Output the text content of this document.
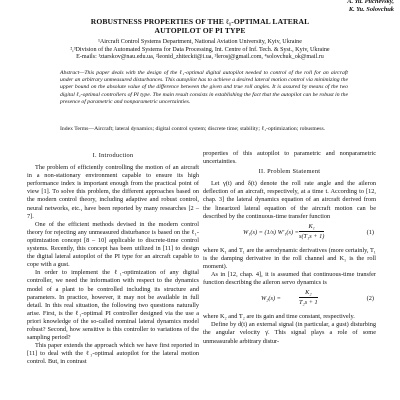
A. Yu. Pilchevsky,
K. Yu. Solovchuk
ROBUSTNESS PROPERTIES OF THE ℓ₁-OPTIMAL LATERAL
AUTOPILOT OF PI TYPE
¹Aircraft Control Systems Department, National Aviation University, Kyiv, Ukraine
²,³Division of the Automated Systems for Data Processing, Int. Centre of Inf. Tech. & Syst., Kyiv, Ukraine
E-mails: ¹ztarskov@nau.edu.ua, ²leonid_zhiteckii@i.ua, ³lerosj@gmail.com, ⁴solovchuk_ok@mail.ru
Abstract—This paper deals with the design of the ℓ₁-optimal digital autopilot needed to control of the roll for an aircraft under an arbitrary unmeasured disturbances. This autopilot has to achieve a desired lateral motion control via minimizing the upper bound on the absolute value of the difference between the given and true roll angles. It is assured by means of the two digital ℓ₁-optimal controllers of PI type. The main result consists in establishing the fact that the autopilot can be robust in the presence of parametric and nonparametric uncertainties.
Index Terms—Aircraft; lateral dynamics; digital control system; discrete time; stability; ℓ₁-optimization; robustness.
I. Introduction

The problem of efficiently controlling the motion of an aircraft in a non-stationary environment capable to ensure its high performance index is important enough from the practical point of view [1]. To solve this problem, the different approaches based on the modern control theory, including adaptive and robust control, neural networks, etc., have been reported by many researches [2 – 7].

One of the efficient methods devised in the modern control theory for rejecting any unmeasured disturbance is based on the ℓ₁-optimization concept [8 – 10] applicable to discrete-time control systems. Recently, this concept has been utilized in [11] to design the digital lateral autopilot of the PI type for an aircraft capable to cope with a gust.

In order to implement the ℓ₁-optimization of any digital controller, we need the information with respect to the dynamics model of a plant to be controlled including its structure and parameters. In practice, however, it may not be available in full detail. In this real situation, the following two questions naturally arise. First, is the ℓ₁-optimal PI controller designed via the use a priori knowledge of the so-called nominal lateral dynamics model robust? Second, how sensitive is this controller to variations of the sampling period?

This paper extends the approach which we have first reported in [11] to deal with the ℓ₁-optimal autopilot for the lateral motion control. But, in contrast

properties of this autopilot to parametric and nonparametric uncertainties.

II. Problem Statement

Let γ(t) and δ(t) denote the roll rate angle and the aileron deflection of an aircraft, respectively, at a time t. According to [12, chap. 3] the lateral dynamics equation of an aircraft derived from the linearized lateral equation of the aircraft motion can be described by the continuous-time transfer function

W₁(s) = (1/s) $W'_1(s) = \frac{\text{K₁}}{\text{s(T₁s + 1)}}$	(1)

where K₁ and T₁ are the aerodynamic derivatives (more certainly, T₁ is the damping derivative in the roll channel and K₁ is the roll moment).

As in [12, chap. 4], it is assumed that continuous-time transfer function describing the aileron servo dynamics is

W₂(s) =	$\frac{\text{K₂}}{\text{T₂s + 1}}$	(2)

where K₂ and T₂ are its gain and time constant, respectively.

Define by d(t) an external signal (in particular, a gust) disturbing the angular velocity γ̇. This signal plays a role of some unmeasurable arbitrary distur-
